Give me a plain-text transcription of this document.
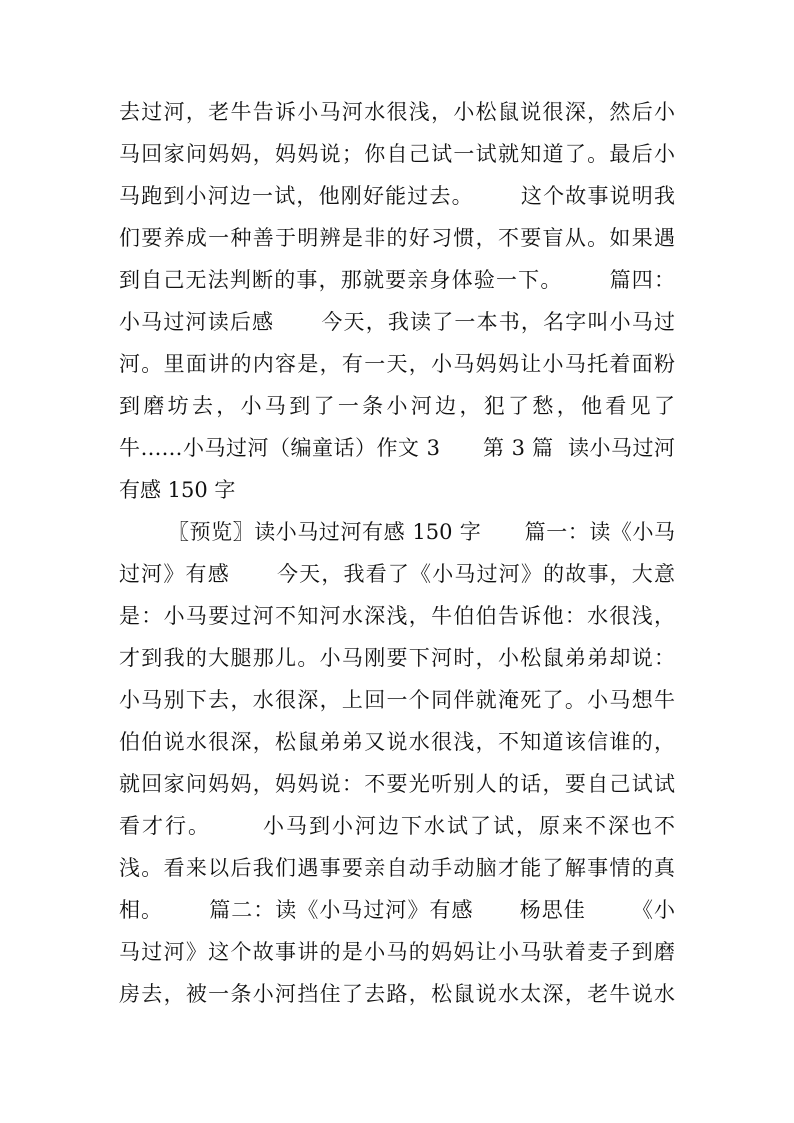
去过河，老牛告诉小马河水很浅，小松鼠说很深，然后小
马回家问妈妈，妈妈说；你自己试一试就知道了。最后小
马跑到小河边一试，他刚好能过去。      这个故事说明我
们要养成一种善于明辨是非的好习惯，不要盲从。如果遇
到自己无法判断的事，那就要亲身体验一下。      篇四：
小马过河读后感      今天，我读了一本书，名字叫小马过
河。里面讲的内容是，有一天，小马妈妈让小马托着面粉
到磨坊去，小马到了一条小河边，犯了愁，他看见了
牛……小马过河（编童话）作文 3      第 3 篇  读小马过河
有感 150 字
〖预览〗读小马过河有感 150 字      篇一：读《小马
过河》有感      今天，我看了《小马过河》的故事，大意
是：小马要过河不知河水深浅，牛伯伯告诉他：水很浅，
才到我的大腿那儿。小马刚要下河时，小松鼠弟弟却说：
小马别下去，水很深，上回一个同伴就淹死了。小马想牛
伯伯说水很深，松鼠弟弟又说水很浅，不知道该信谁的，
就回家问妈妈，妈妈说：不要光听别人的话，要自己试试
看才行。      小马到小河边下水试了试，原来不深也不
浅。看来以后我们遇事要亲自动手动脑才能了解事情的真
相。      篇二：读《小马过河》有感      杨思佳      《小
马过河》这个故事讲的是小马的妈妈让小马驮着麦子到磨
房去，被一条小河挡住了去路，松鼠说水太深，老牛说水
